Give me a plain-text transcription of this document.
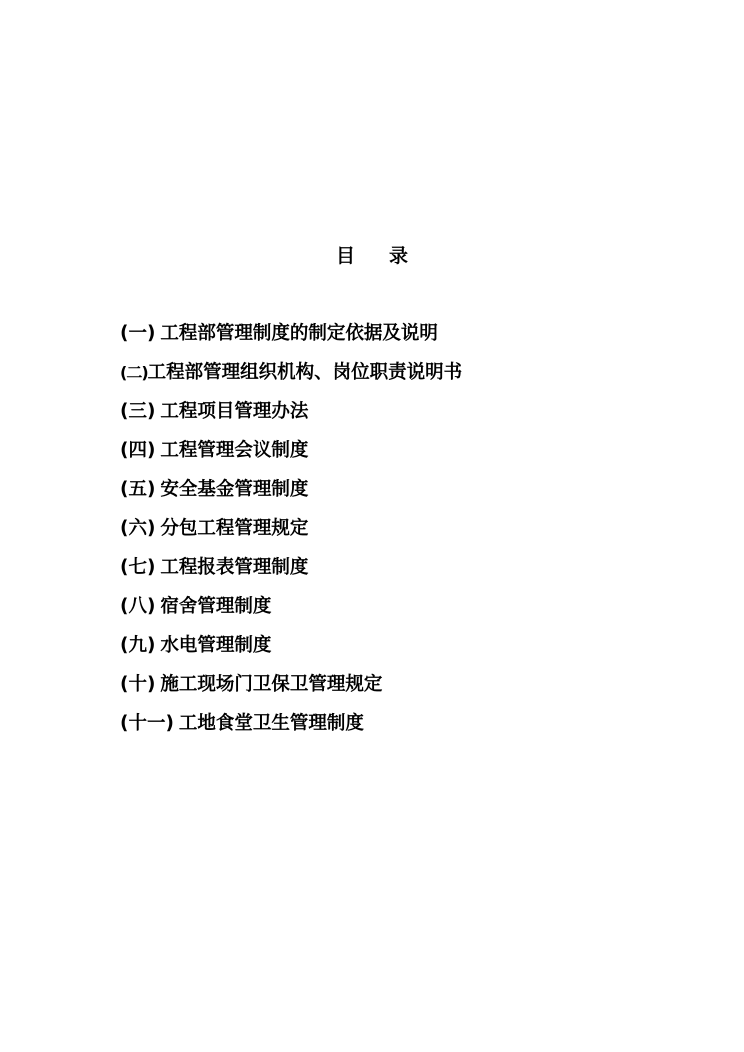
目 录
(一) 工程部管理制度的制定依据及说明
(二)工程部管理组织机构、岗位职责说明书
(三) 工程项目管理办法
(四) 工程管理会议制度
(五) 安全基金管理制度
(六) 分包工程管理规定
(七) 工程报表管理制度
(八) 宿舍管理制度
(九) 水电管理制度
(十) 施工现场门卫保卫管理规定
(十一) 工地食堂卫生管理制度
